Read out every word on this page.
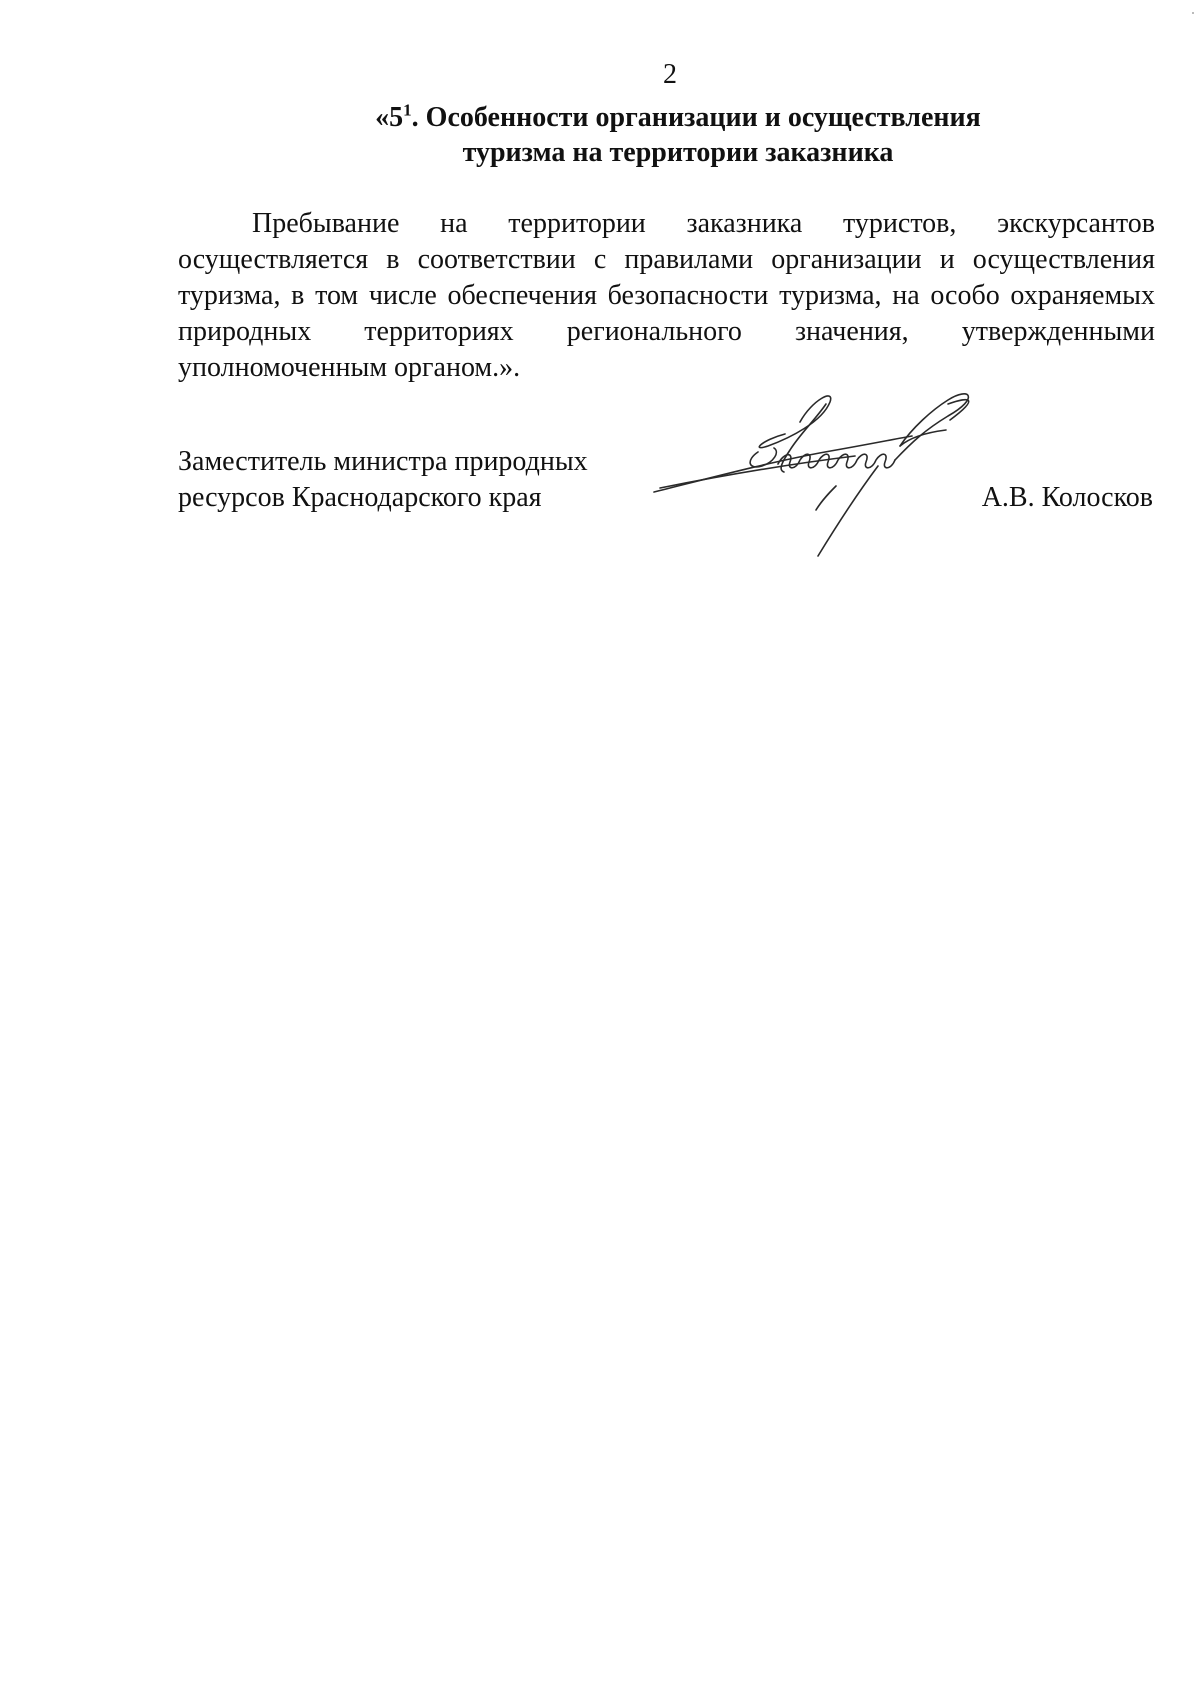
2
«$5^1$. Особенности организации и осуществления
туризма на территории заказника
Пребывание на территории заказника туристов, экскурсантов
осуществляется в соответствии с правилами организации и осуществления
туризма, в том числе обеспечения безопасности туризма, на особо охраняемых
природных территориях регионального значения, утвержденными
уполномоченным органом.».
Заместитель министра природных
ресурсов Краснодарского края	А.В. Колосков
